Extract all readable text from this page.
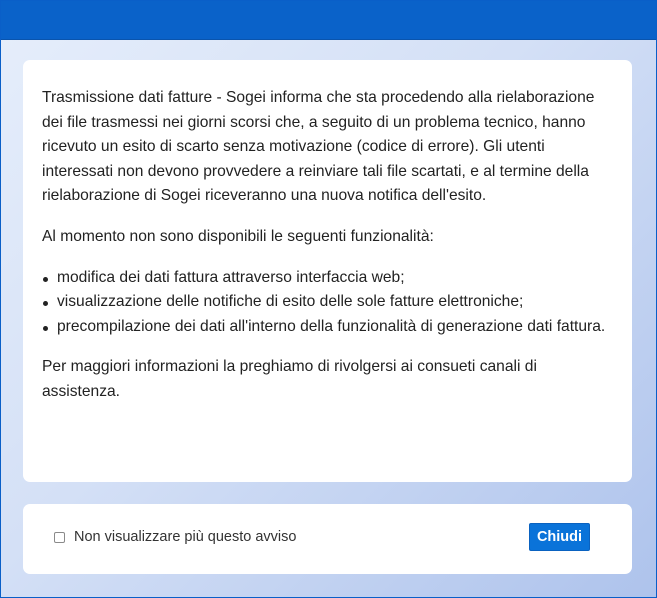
Trasmissione dati fatture - Sogei informa che sta procedendo alla rielaborazione dei file trasmessi nei giorni scorsi che, a seguito di un problema tecnico, hanno ricevuto un esito di scarto senza motivazione (codice di errore). Gli utenti interessati non devono provvedere a reinviare tali file scartati, e al termine della rielaborazione di Sogei riceveranno una nuova notifica dell'esito.

Al momento non sono disponibili le seguenti funzionalità:

modifica dei dati fattura attraverso interfaccia web;
visualizzazione delle notifiche di esito delle sole fatture elettroniche;
precompilazione dei dati all'interno della funzionalità di generazione dati fattura.

Per maggiori informazioni la preghiamo di rivolgersi ai consueti canali di assistenza.

Non visualizzare più questo avviso	Chiudi
